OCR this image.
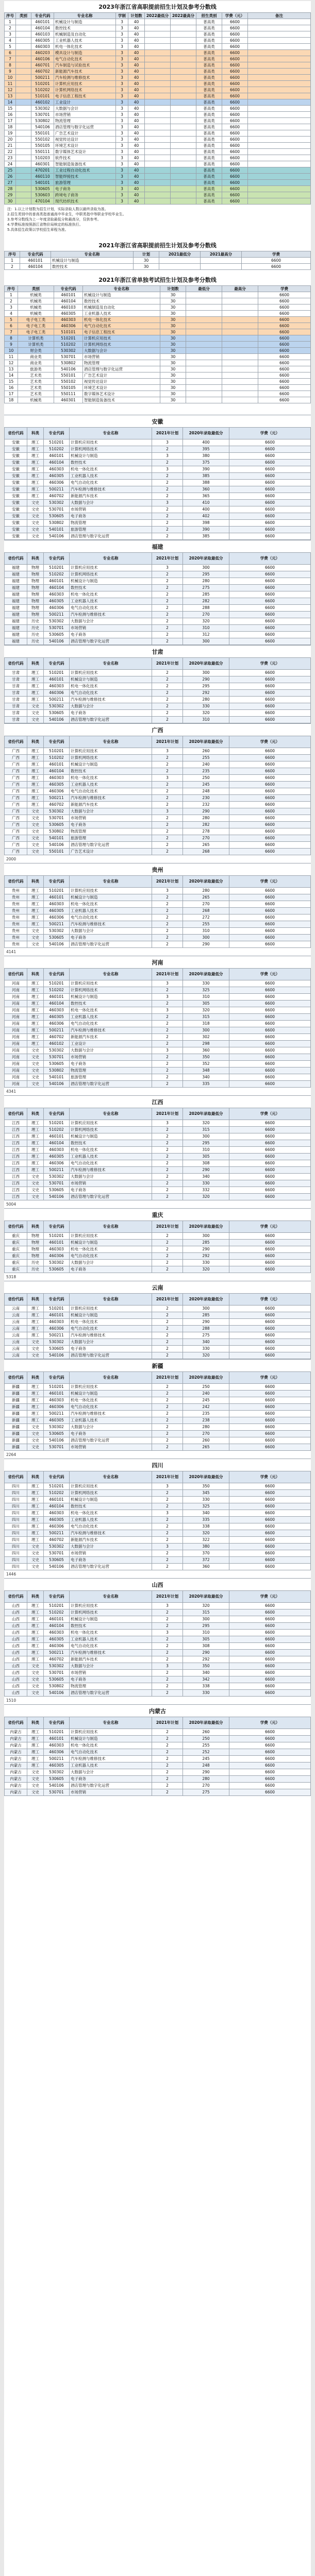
2023年浙江省高职提前招生计划及参考分数线
序号	类别	专业代码	专业名称	学制	计划数	2022最低分	2022最高分	招生类别	学费（元）	备注
1		460101	机械设计与制造	3	40			普高类	6600	
2		460104	数控技术	3	40			普高类	6600	
3		460103	机械制造及自动化	3	40			普高类	6600	
4		460305	工业机器人技术	3	40			普高类	6600	
5		460303	机电一体化技术	3	40			普高类	6600	
6		460203	模具设计与制造	3	40			普高类	6600	
7		460106	电气自动化技术	3	40			普高类	6600	
8		460701	汽车制造与试验技术	3	40			普高类	6600	
9		460702	新能源汽车技术	3	40			普高类	6600	
10		500211	汽车检测与维修技术	3	40			普高类	6600	
11		510201	计算机应用技术	3	40			普高类	6600	
12		510202	计算机网络技术	3	40			普高类	6600	
13		510101	电子信息工程技术	3	40			普高类	6600	
14		460102	工业设计	3	40			普高类	6600	
15		530302	大数据与会计	3	40			普高类	6600	
16		530701	市场营销	3	40			普高类	6600	
17		530802	物流管理	3	40			普高类	6600	
18		540106	酒店管理与数字化运营	3	40			普高类	6600	
19		550101	广告艺术设计	3	40			普高类	6600	
20		550102	视觉传达设计	3	40			普高类	6600	
21		550105	环境艺术设计	3	40			普高类	6600	
22		550111	数字媒体艺术设计	3	40			普高类	6600	
23		510203	软件技术	3	40			普高类	6600	
24		460301	智能制造装备技术	3	40			普高类	6600	
25		470201	工业过程自动化技术	3	40			普高类	6600	
26		460110	智能焊接技术	3	40			普高类	6600	
27		540101	旅游管理	3	40			普高类	6600	
28		530605	电子商务	3	40			普高类	6600	
29		530603	跨境电子商务	3	40			普高类	6600	
30		470104	现代纺织技术	3	40			普高类	6600	
注：1.以上计划数为招生计划，实际录取人数以最终录取为准。
2.招生类别中的普高类指普通高中毕业生，中职类指中等职业学校毕业生。
3.参考分数线为上一年度录取最低分和最高分，仅供参考。
4.学费标准按照浙江省物价局核定的标准执行。
5.具体招生政策以学校招生章程为准。
2021年浙江省高职提前招生计划及参考分数线
序号	专业代码	专业名称	计划	2021最低分	2021最高分	学费
1	460101	机械设计与制造	30			6600
2	460104	数控技术	30			6600
2021年浙江省单独考试招生计划及参考分数线
序号	类别	专业代码	专业名称	计划数	最低分	最高分	学费
1	机械类	460101	机械设计与制造	30			6600
2	机械类	460104	数控技术	30			6600
3	机械类	460103	机械制造及自动化	30			6600
4	机械类	460305	工业机器人技术	30			6600
5	电子电工类	460303	机电一体化技术	30			6600
6	电子电工类	460306	电气自动化技术	30			6600
7	电子电工类	510101	电子信息工程技术	30			6600
8	计算机类	510201	计算机应用技术	30			6600
9	计算机类	510202	计算机网络技术	30			6600
10	财会类	530302	大数据与会计	30			6600
11	商业类	530701	市场营销	30			6600
12	商业类	530802	物流管理	30			6600
13	旅游类	540106	酒店管理与数字化运营	30			6600
14	艺术类	550101	广告艺术设计	30			6600
15	艺术类	550102	视觉传达设计	30			6600
16	艺术类	550105	环境艺术设计	30			6600
17	艺术类	550111	数字媒体艺术设计	30			6600
18	机械类	460301	智能制造装备技术	30			6600
安徽
省份代码	科类	专业代码	专业名称	2021年计划	2020年录取最低分	学费（元）
安徽	理工	510201	计算机应用技术	3	400	6600
安徽	理工	510202	计算机网络技术	2	395	6600
安徽	理工	460101	机械设计与制造	3	380	6600
安徽	理工	460104	数控技术	2	375	6600
安徽	理工	460303	机电一体化技术	3	390	6600
安徽	理工	460305	工业机器人技术	2	385	6600
安徽	理工	460306	电气自动化技术	2	388	6600
安徽	理工	500211	汽车检测与维修技术	2	360	6600
安徽	理工	460702	新能源汽车技术	2	365	6600
安徽	文史	530302	大数据与会计	3	410	6600
安徽	文史	530701	市场营销	2	400	6600
安徽	文史	530605	电子商务	2	402	6600
安徽	文史	530802	物流管理	2	398	6600
安徽	文史	540101	旅游管理	2	390	6600
安徽	文史	540106	酒店管理与数字化运营	2	385	6600
福建
省份代码	科类	专业代码	专业名称	2021年计划	2020年录取最低分	学费（元）
福建	物理	510201	计算机应用技术	3	300	6600
福建	物理	510202	计算机网络技术	2	295	6600
福建	物理	460101	机械设计与制造	2	280	6600
福建	物理	460104	数控技术	2	275	6600
福建	物理	460303	机电一体化技术	2	285	6600
福建	物理	460305	工业机器人技术	2	282	6600
福建	物理	460306	电气自动化技术	2	288	6600
福建	物理	500211	汽车检测与维修技术	2	270	6600
福建	历史	530302	大数据与会计	2	320	6600
福建	历史	530701	市场营销	2	310	6600
福建	历史	530605	电子商务	2	312	6600
福建	历史	540106	酒店管理与数字化运营	2	300	6600
甘肃
省份代码	科类	专业代码	专业名称	2021年计划	2020年录取最低分	学费（元）
甘肃	理工	510201	计算机应用技术	2	300	6600
甘肃	理工	460101	机械设计与制造	2	290	6600
甘肃	理工	460303	机电一体化技术	2	295	6600
甘肃	理工	460306	电气自动化技术	2	292	6600
甘肃	理工	500211	汽车检测与维修技术	2	280	6600
甘肃	文史	530302	大数据与会计	2	330	6600
甘肃	文史	530605	电子商务	2	320	6600
甘肃	文史	540106	酒店管理与数字化运营	2	310	6600
广西
省份代码	科类	专业代码	专业名称	2021年计划	2020年录取最低分	学费（元）
广西	理工	510201	计算机应用技术	3	260	6600
广西	理工	510202	计算机网络技术	2	255	6600
广西	理工	460101	机械设计与制造	2	240	6600
广西	理工	460104	数控技术	2	235	6600
广西	理工	460303	机电一体化技术	3	250	6600
广西	理工	460305	工业机器人技术	2	245	6600
广西	理工	460306	电气自动化技术	2	248	6600
广西	理工	500211	汽车检测与维修技术	2	230	6600
广西	理工	460702	新能源汽车技术	2	232	6600
广西	文史	530302	大数据与会计	3	290	6600
广西	文史	530701	市场营销	2	280	6600
广西	文史	530605	电子商务	2	282	6600
广西	文史	530802	物流管理	2	278	6600
广西	文史	540101	旅游管理	2	270	6600
广西	文史	540106	酒店管理与数字化运营	2	265	6600
广西	文史	550101	广告艺术设计	2	268	6600
2000
贵州
省份代码	科类	专业代码	专业名称	2021年计划	2020年录取最低分	学费（元）
贵州	理工	510201	计算机应用技术	3	280	6600
贵州	理工	460101	机械设计与制造	2	265	6600
贵州	理工	460303	机电一体化技术	2	270	6600
贵州	理工	460305	工业机器人技术	2	268	6600
贵州	理工	460306	电气自动化技术	2	272	6600
贵州	理工	500211	汽车检测与维修技术	2	255	6600
贵州	文史	530302	大数据与会计	2	310	6600
贵州	文史	530605	电子商务	2	300	6600
贵州	文史	540106	酒店管理与数字化运营	2	290	6600
4141
河南
省份代码	科类	专业代码	专业名称	2021年计划	2020年录取最低分	学费（元）
河南	理工	510201	计算机应用技术	3	330	6600
河南	理工	510202	计算机网络技术	2	325	6600
河南	理工	460101	机械设计与制造	3	310	6600
河南	理工	460104	数控技术	2	305	6600
河南	理工	460303	机电一体化技术	3	320	6600
河南	理工	460305	工业机器人技术	2	315	6600
河南	理工	460306	电气自动化技术	2	318	6600
河南	理工	500211	汽车检测与维修技术	2	300	6600
河南	理工	460702	新能源汽车技术	2	302	6600
河南	理工	460102	工业设计	2	298	6600
河南	文史	530302	大数据与会计	3	360	6600
河南	文史	530701	市场营销	2	350	6600
河南	文史	530605	电子商务	2	352	6600
河南	文史	530802	物流管理	2	348	6600
河南	文史	540101	旅游管理	2	340	6600
河南	文史	540106	酒店管理与数字化运营	2	335	6600
4341
江西
省份代码	科类	专业代码	专业名称	2021年计划	2020年录取最低分	学费（元）
江西	理工	510201	计算机应用技术	3	320	6600
江西	理工	510202	计算机网络技术	2	315	6600
江西	理工	460101	机械设计与制造	2	300	6600
江西	理工	460104	数控技术	2	295	6600
江西	理工	460303	机电一体化技术	2	310	6600
江西	理工	460305	工业机器人技术	2	305	6600
江西	理工	460306	电气自动化技术	2	308	6600
江西	理工	500211	汽车检测与维修技术	2	290	6600
江西	文史	530302	大数据与会计	2	340	6600
江西	文史	530701	市场营销	2	330	6600
江西	文史	530605	电子商务	2	332	6600
江西	文史	540106	酒店管理与数字化运营	2	320	6600
5004
重庆
省份代码	科类	专业代码	专业名称	2021年计划	2020年录取最低分	学费（元）
重庆	物理	510201	计算机应用技术	2	300	6600
重庆	物理	460101	机械设计与制造	2	285	6600
重庆	物理	460303	机电一体化技术	2	290	6600
重庆	物理	460306	电气自动化技术	2	292	6600
重庆	历史	530302	大数据与会计	2	330	6600
重庆	历史	530605	电子商务	2	320	6600
5318
云南
省份代码	科类	专业代码	专业名称	2021年计划	2020年录取最低分	学费（元）
云南	理工	510201	计算机应用技术	2	300	6600
云南	理工	460101	机械设计与制造	2	285	6600
云南	理工	460303	机电一体化技术	2	290	6600
云南	理工	460306	电气自动化技术	2	288	6600
云南	理工	500211	汽车检测与维修技术	2	275	6600
云南	文史	530302	大数据与会计	2	340	6600
云南	文史	530605	电子商务	2	330	6600
云南	文史	540106	酒店管理与数字化运营	2	320	6600
新疆
省份代码	科类	专业代码	专业名称	2021年计划	2020年录取最低分	学费（元）
新疆	理工	510201	计算机应用技术	2	250	6600
新疆	理工	460101	机械设计与制造	2	240	6600
新疆	理工	460303	机电一体化技术	2	245	6600
新疆	理工	460306	电气自动化技术	2	242	6600
新疆	理工	500211	汽车检测与维修技术	2	235	6600
新疆	理工	460305	工业机器人技术	2	238	6600
新疆	文史	530302	大数据与会计	2	280	6600
新疆	文史	530605	电子商务	2	270	6600
新疆	文史	540106	酒店管理与数字化运营	2	260	6600
新疆	文史	530701	市场营销	2	265	6600
2264
四川
省份代码	科类	专业代码	专业名称	2021年计划	2020年录取最低分	学费（元）
四川	理工	510201	计算机应用技术	3	350	6600
四川	理工	510202	计算机网络技术	2	345	6600
四川	理工	460101	机械设计与制造	2	330	6600
四川	理工	460104	数控技术	2	325	6600
四川	理工	460303	机电一体化技术	3	340	6600
四川	理工	460305	工业机器人技术	2	335	6600
四川	理工	460306	电气自动化技术	2	338	6600
四川	理工	500211	汽车检测与维修技术	2	320	6600
四川	理工	460702	新能源汽车技术	2	322	6600
四川	文史	530302	大数据与会计	3	380	6600
四川	文史	530701	市场营销	2	370	6600
四川	文史	530605	电子商务	2	372	6600
四川	文史	540106	酒店管理与数字化运营	2	360	6600
1446
山西
省份代码	科类	专业代码	专业名称	2021年计划	2020年录取最低分	学费（元）
山西	理工	510201	计算机应用技术	3	320	6600
山西	理工	510202	计算机网络技术	2	315	6600
山西	理工	460101	机械设计与制造	2	300	6600
山西	理工	460104	数控技术	2	295	6600
山西	理工	460303	机电一体化技术	3	310	6600
山西	理工	460305	工业机器人技术	2	305	6600
山西	理工	460306	电气自动化技术	2	308	6600
山西	理工	500211	汽车检测与维修技术	2	290	6600
山西	理工	460702	新能源汽车技术	2	292	6600
山西	文史	530302	大数据与会计	3	350	6600
山西	文史	530701	市场营销	2	340	6600
山西	文史	530605	电子商务	2	342	6600
山西	文史	530802	物流管理	2	338	6600
山西	文史	540106	酒店管理与数字化运营	2	330	6600
1510
内蒙古
省份代码	科类	专业代码	专业名称	2021年计划	2020年录取最低分	学费（元）
内蒙古	理工	510201	计算机应用技术	2	260	6600
内蒙古	理工	460101	机械设计与制造	2	250	6600
内蒙古	理工	460303	机电一体化技术	2	255	6600
内蒙古	理工	460306	电气自动化技术	2	252	6600
内蒙古	理工	500211	汽车检测与维修技术	2	245	6600
内蒙古	理工	460305	工业机器人技术	2	248	6600
内蒙古	文史	530302	大数据与会计	2	290	6600
内蒙古	文史	530605	电子商务	2	280	6600
内蒙古	文史	540106	酒店管理与数字化运营	2	270	6600
内蒙古	文史	530701	市场营销	2	275	6600
